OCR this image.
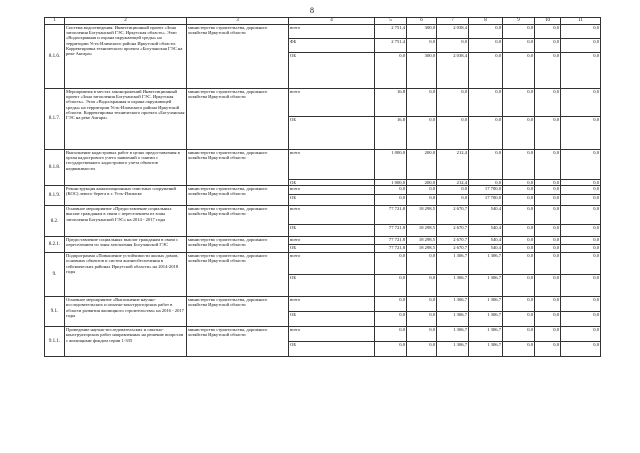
8
1	2	3	4	5	6	7	8	9	10	11
8.1.6.	Система водоотведения. Инвестиционный проект «Зона затопления Богучанской ГЭС. Иркутская область». Этап «Водоохранная и охрана окружающей среды» на территории Усть-Илимского района Иркутской области. Корректировка технического проекта «Богучанская ГЭС на реке Ангара»	министерство строительства, дорожного хозяйства Иркутской области	всего	2 751,4	300,0	2 038,4	0,0	0,0	0,0	0,0
			ФБ	2 751,4	0,0	0,0	0,0	0,0	0,0	0,0
			ОБ	0,0	300,0	2 038,4	0,0	0,0	0,0	0,0
8.1.7.	Мероприятия в местах законорожений Инвестиционный проект «Зона затопления Богучанской ГЭС. Иркутская область». Этап «Водоохранная и охрана окружающей среды» на территории Усть-Илимского района Иркутской области. Корректировка технического проекта «Богучанская ГЭС на реке Ангара»	министерство строительства, дорожного хозяйства Иркутской области	всего	16,8	0,0	0,0	0,0	0,0	0,0	0,0
			ОБ	16,8	0,0	0,0	0,0	0,0	0,0	0,0
8.1.8.	Выполнение кадастровых работ в целях предоставления в орган кадастрового учета заявлений о снятии с государственного кадастрового учета объектов недвижимости	министерство строительства, дорожного хозяйства Иркутской области	всего	1 000,0	200,0	212,4	0,0	0,0	0,0	0,0
			ОБ	1 000,0	200,0	212,4	0,0	0,0	0,0	0,0
8.1.9.	Реконструкция канализационных очистных сооружений (КОС) левого берега в г. Усть-Илимске	министерство строительства, дорожного хозяйства Иркутской области	всего	0,0	0,0	0,0	17 700,0	0,0	0,0	0,0
			ОБ	0,0	0,0	0,0	17 700,0	0,0	0,0	0,0
8.2.	Основное мероприятие «Предоставление социальных выплат гражданам в связи с переселением из зоны затопления Богучанской ГЭС» на 2014 - 2017 годы	министерство строительства, дорожного хозяйства Иркутской области	всего	77 721,8	18 298,5	2 670,7	540,4	0,0	0,0	0,0
			ОБ	77 721,8	18 298,5	2 670,7	540,4	0,0	0,0	0,0
8.2.1.	Предоставление социальных выплат гражданам в связи с переселением из зоны затопления Богучанской ГЭС	министерство строительства, дорожного хозяйства Иркутской области	всего	77 721,8	18 298,5	2 670,7	540,4	0,0	0,0	0,0
			ОБ	77 721,8	18 298,5	2 670,7	540,4	0,0	0,0	0,0
9.	Подпрограмма «Повышение устойчивости жилых домов, основных объектов и систем жизнеобеспечения в сейсмических районах Иркутской области» на 2014-2018 годы	министерство строительства, дорожного хозяйства Иркутской области	всего	0,0	0,0	1 306,7	1 306,7	0,0	0,0	0,0
			ОБ	0,0	0,0	1 306,7	1 306,7	0,0	0,0	0,0
9.1.	Основное мероприятие «Выполнение научно-исследовательских и опытно-конструкторских работ в области развития жилищного строительства» на 2016 - 2017 годы	министерство строительства, дорожного хозяйства Иркутской области	всего	0,0	0,0	1 306,7	1 306,7	0,0	0,0	0,0
			ОБ	0,0	0,0	1 306,7	1 306,7	0,0	0,0	0,0
9.1.1.	Проведение научно-исследовательских и опытно-конструкторских работ направленных на решение вопросов с жилищным фондом серии 1-335	министерство строительства, дорожного хозяйства Иркутской области	всего	0,0	0,0	1 306,7	1 306,7	0,0	0,0	0,0
			ОБ	0,0	0,0	1 306,7	1 306,7	0,0	0,0	0,0
